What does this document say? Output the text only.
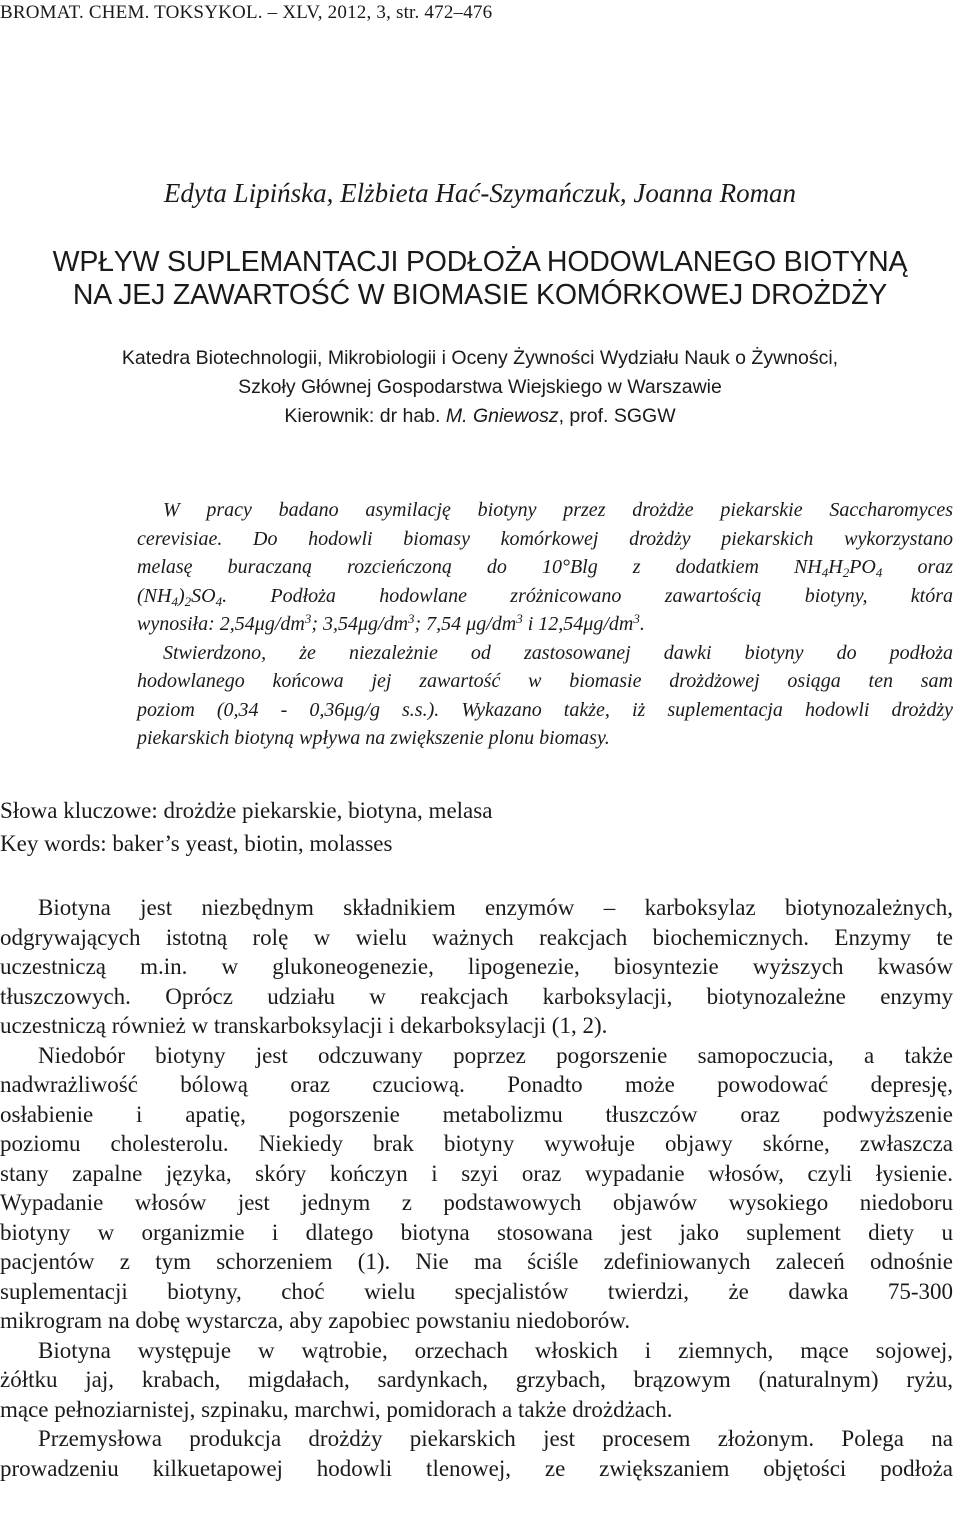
BROMAT. CHEM. TOKSYKOL. – XLV, 2012, 3, str. 472–476
Edyta Lipińska, Elżbieta Hać-Szymańczuk, Joanna Roman
WPŁYW SUPLEMANTACJI PODŁOŻA HODOWLANEGO BIOTYNĄ
NA JEJ ZAWARTOŚĆ W BIOMASIE KOMÓRKOWEJ DROŻDŻY
Katedra Biotechnologii, Mikrobiologii i Oceny Żywności Wydziału Nauk o Żywności,
Szkoły Głównej Gospodarstwa Wiejskiego w Warszawie
Kierownik: dr hab. M. Gniewosz, prof. SGGW
W pracy badano asymilację biotyny przez drożdże piekarskie Saccharomyces
cerevisiae. Do hodowli biomasy komórkowej drożdży piekarskich wykorzystano
melasę buraczaną rozcieńczoną do 10°Blg z dodatkiem $NH_4H_2PO_4$ oraz
$(NH_4)_2SO_4$. Podłoża hodowlane zróżnicowano zawartością biotyny, która
wynosiła: $2,54\mu g/dm^3$; $3,54\mu g/dm^3$; 7,54 $\mu g/dm^3$ i $12,54\mu g/dm^3$.
Stwierdzono, że niezależnie od zastosowanej dawki biotyny do podłoża
hodowlanego końcowa jej zawartość w biomasie drożdżowej osiąga ten sam
poziom (0,34 - 0,36μg/g s.s.). Wykazano także, iż suplementacja hodowli drożdży
piekarskich biotyną wpływa na zwiększenie plonu biomasy.
Słowa kluczowe: drożdże piekarskie, biotyna, melasa
Key words: baker’s yeast, biotin, molasses
Biotyna jest niezbędnym składnikiem enzymów – karboksylaz biotynozależnych,
odgrywających istotną rolę w wielu ważnych reakcjach biochemicznych. Enzymy te
uczestniczą m.in. w glukoneogenezie, lipogenezie, biosyntezie wyższych kwasów
tłuszczowych. Oprócz udziału w reakcjach karboksylacji, biotynozależne enzymy
uczestniczą również w transkarboksylacji i dekarboksylacji (1, 2).
Niedobór biotyny jest odczuwany poprzez pogorszenie samopoczucia, a także
nadwrażliwość bólową oraz czuciową. Ponadto może powodować depresję,
osłabienie i apatię, pogorszenie metabolizmu tłuszczów oraz podwyższenie
poziomu cholesterolu. Niekiedy brak biotyny wywołuje objawy skórne, zwłaszcza
stany zapalne języka, skóry kończyn i szyi oraz wypadanie włosów, czyli łysienie.
Wypadanie włosów jest jednym z podstawowych objawów wysokiego niedoboru
biotyny w organizmie i dlatego biotyna stosowana jest jako suplement diety u
pacjentów z tym schorzeniem (1). Nie ma ściśle zdefiniowanych zaleceń odnośnie
suplementacji biotyny, choć wielu specjalistów twierdzi, że dawka 75-300
mikrogram na dobę wystarcza, aby zapobiec powstaniu niedoborów.
Biotyna występuje w wątrobie, orzechach włoskich i ziemnych, mące sojowej,
żółtku jaj, krabach, migdałach, sardynkach, grzybach, brązowym (naturalnym) ryżu,
mące pełnoziarnistej, szpinaku, marchwi, pomidorach a także drożdżach.
Przemysłowa produkcja drożdży piekarskich jest procesem złożonym. Polega na
prowadzeniu kilkuetapowej hodowli tlenowej, ze zwiększaniem objętości podłoża
